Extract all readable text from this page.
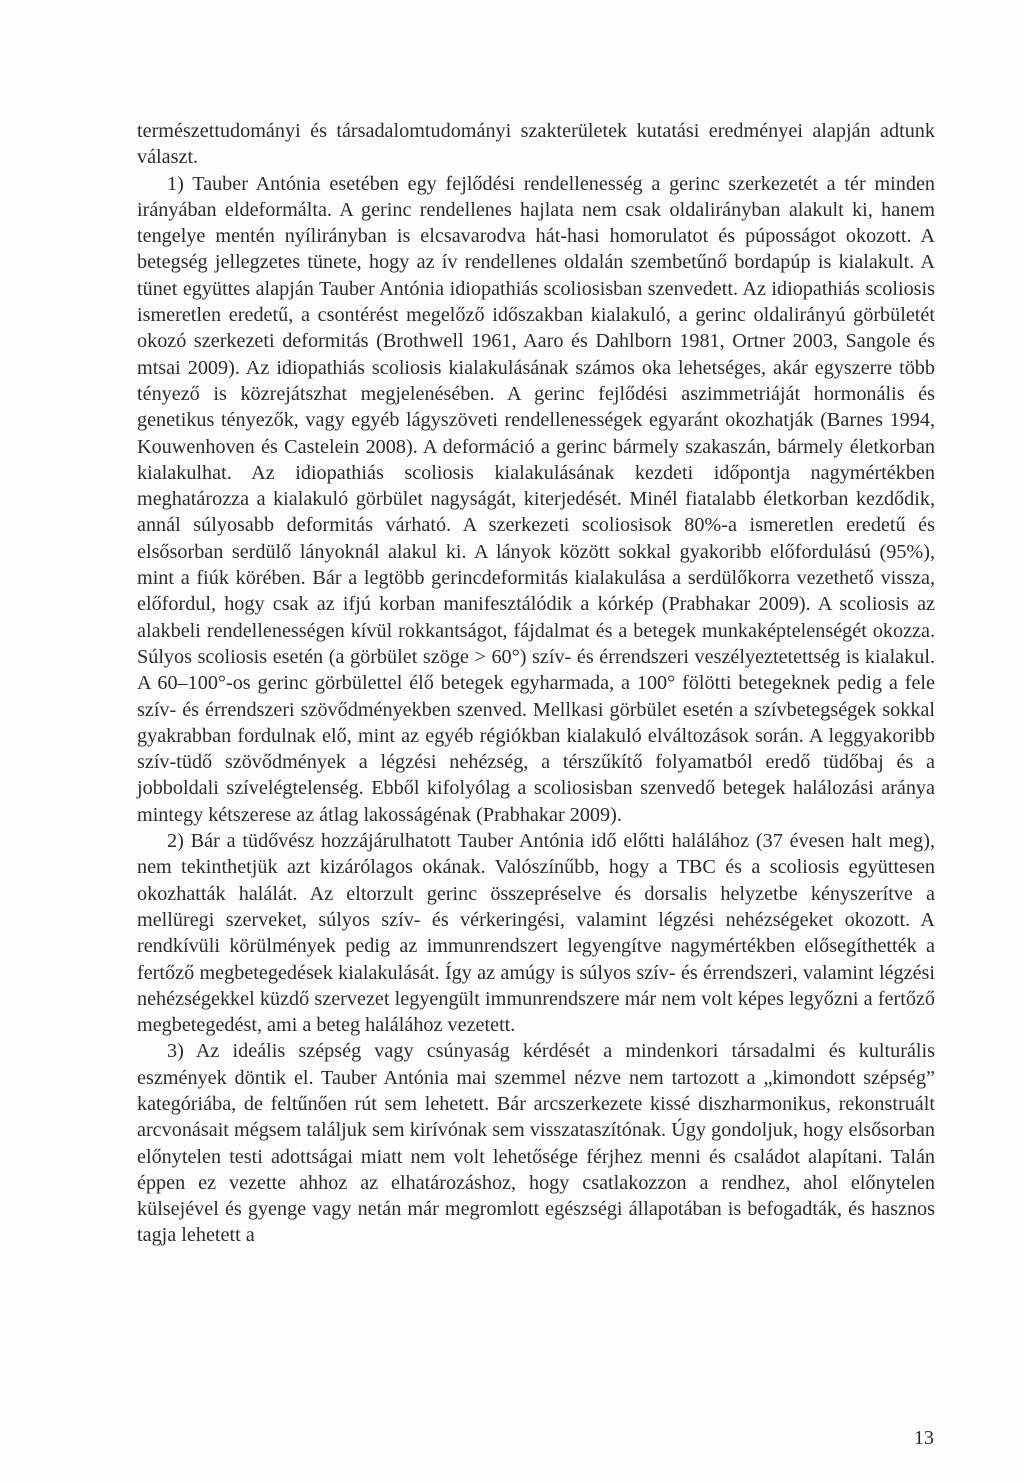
természettudományi és társadalomtudományi szakterületek kutatási eredményei alapján adtunk választ.

1) Tauber Antónia esetében egy fejlődési rendellenesség a gerinc szerkezetét a tér minden irányában eldeformálta. A gerinc rendellenes hajlata nem csak oldalirányban alakult ki, hanem tengelye mentén nyílirányban is elcsavarodva hát-hasi homorulatot és púposságot okozott. A betegség jellegzetes tünete, hogy az ív rendellenes oldalán szembetűnő bordapúp is kialakult. A tünet együttes alapján Tauber Antónia idiopathiás scoliosisban szenvedett. Az idiopathiás scoliosis ismeretlen eredetű, a csontérést megelőző időszakban kialakuló, a gerinc oldalirányú görbületét okozó szerkezeti deformitás (Brothwell 1961, Aaro és Dahlborn 1981, Ortner 2003, Sangole és mtsai 2009). Az idiopathiás scoliosis kialakulásának számos oka lehetséges, akár egyszerre több tényező is közrejátszhat megjelenésében. A gerinc fejlődési aszimmetriáját hormonális és genetikus tényezők, vagy egyéb lágyszöveti rendellenességek egyaránt okozhatják (Barnes 1994, Kouwenhoven és Castelein 2008). A deformáció a gerinc bármely szakaszán, bármely életkorban kialakulhat. Az idiopathiás scoliosis kialakulásának kezdeti időpontja nagymértékben meghatározza a kialakuló görbület nagyságát, kiterjedését. Minél fiatalabb életkorban kezdődik, annál súlyosabb deformitás várható. A szerkezeti scoliosisok 80%-a ismeretlen eredetű és elsősorban serdülő lányoknál alakul ki. A lányok között sokkal gyakoribb előfordulású (95%), mint a fiúk körében. Bár a legtöbb gerincdeformitás kialakulása a serdülőkorra vezethető vissza, előfordul, hogy csak az ifjú korban manifesztálódik a kórkép (Prabhakar 2009). A scoliosis az alakbeli rendellenességen kívül rokkantságot, fájdalmat és a betegek munkaképtelenségét okozza. Súlyos scoliosis esetén (a görbület szöge > 60°) szív- és érrendszeri veszélyeztetettség is kialakul. A 60–100°-os gerinc görbülettel élő betegek egyharmada, a 100° fölötti betegeknek pedig a fele szív- és érrendszeri szövődményekben szenved. Mellkasi görbület esetén a szívbetegségek sokkal gyakrabban fordulnak elő, mint az egyéb régiókban kialakuló elváltozások során. A leggyakoribb szív-tüdő szövődmények a légzési nehézség, a térszűkítő folyamatból eredő tüdőbaj és a jobboldali szívelégtelenség. Ebből kifolyólag a scoliosisban szenvedő betegek halálozási aránya mintegy kétszerese az átlag lakosságénak (Prabhakar 2009).

2) Bár a tüdővész hozzájárulhatott Tauber Antónia idő előtti halálához (37 évesen halt meg), nem tekinthetjük azt kizárólagos okának. Valószínűbb, hogy a TBC és a scoliosis együttesen okozhatták halálát. Az eltorzult gerinc összepréselve és dorsalis helyzetbe kényszerítve a mellüregi szerveket, súlyos szív- és vérkeringési, valamint légzési nehézségeket okozott. A rendkívüli körülmények pedig az immunrendszert legyengítve nagymértékben elősegíthették a fertőző megbetegedések kialakulását. Így az amúgy is súlyos szív- és érrendszeri, valamint légzési nehézségekkel küzdő szervezet legyengült immunrendszere már nem volt képes legyőzni a fertőző megbetegedést, ami a beteg halálához vezetett.

3) Az ideális szépség vagy csúnyaság kérdését a mindenkori társadalmi és kulturális eszmények döntik el. Tauber Antónia mai szemmel nézve nem tartozott a „kimondott szépség” kategóriába, de feltűnően rút sem lehetett. Bár arcszerkezete kissé diszharmonikus, rekonstruált arcvonásait mégsem találjuk sem kirívónak sem visszataszítónak. Úgy gondoljuk, hogy elsősorban előnytelen testi adottságai miatt nem volt lehetősége férjhez menni és családot alapítani. Talán éppen ez vezette ahhoz az elhatározáshoz, hogy csatlakozzon a rendhez, ahol előnytelen külsejével és gyenge vagy netán már megromlott egészségi állapotában is befogadták, és hasznos tagja lehetett a

13
